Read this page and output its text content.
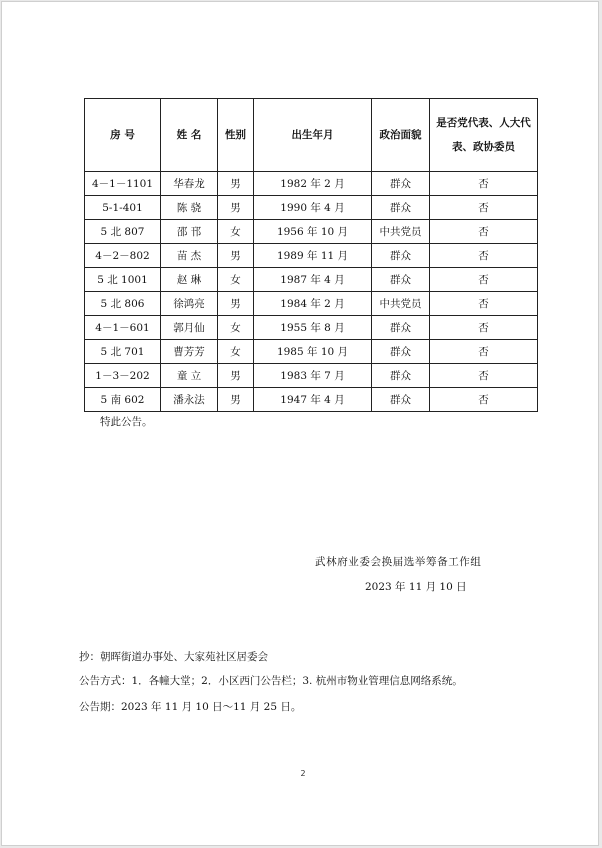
房 号	姓 名	性别	出生年月	政治面貌	是否党代表、人大代表、政协委员
4－1－1101	华春龙	男	1982 年 2 月	群众	否
5-1-401	陈 骁	男	1990 年 4 月	群众	否
5 北 807	邵 邗	女	1956 年 10 月	中共党员	否
4－2－802	苗 杰	男	1989 年 11 月	群众	否
5 北 1001	赵 琳	女	1987 年 4 月	群众	否
5 北 806	徐鸿亮	男	1984 年 2 月	中共党员	否
4－1－601	郭月仙	女	1955 年 8 月	群众	否
5 北 701	曹芳芳	女	1985 年 10 月	群众	否
1－3－202	童 立	男	1983 年 7 月	群众	否
5 南 602	潘永法	男	1947 年 4 月	群众	否
特此公告。
武林府业委会换届选举筹备工作组
2023 年 11 月 10 日
抄：朝晖街道办事处、大家苑社区居委会
公告方式：1．各幢大堂；2．小区西门公告栏；3. 杭州市物业管理信息网络系统。
公告期：2023 年 11 月 10 日～11 月 25 日。
2
